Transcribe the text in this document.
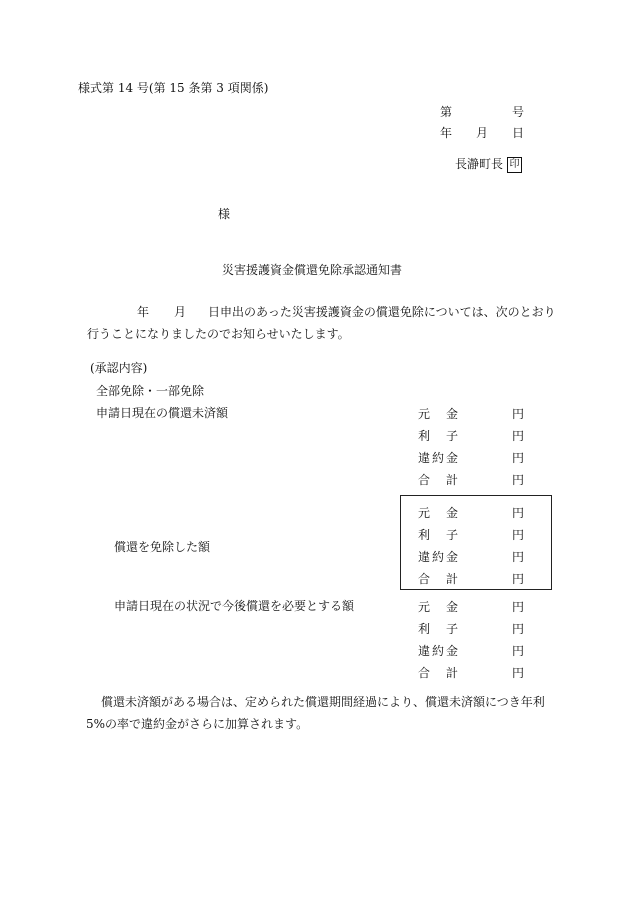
様式第 14 号(第 15 条第 3 項関係)
第	号
年 月 日
長瀞町長 印
様
災害援護資金償還免除承認通知書
年 月 日申出のあった災害援護資金の償還免除については、次のとおり
行うことになりましたのでお知らせいたします。
(承認内容)
全部免除・一部免除
申請日現在の償還未済額	元　金	円
利　子	円
違約金	円
合　計	円
償還を免除した額
元　金	円
利　子	円
違約金	円
合　計	円
申請日現在の状況で今後償還を必要とする額	元　金	円
利　子	円
違約金	円
合　計	円
償還未済額がある場合は、定められた償還期間経過により、償還未済額につき年利
5%の率で違約金がさらに加算されます。
